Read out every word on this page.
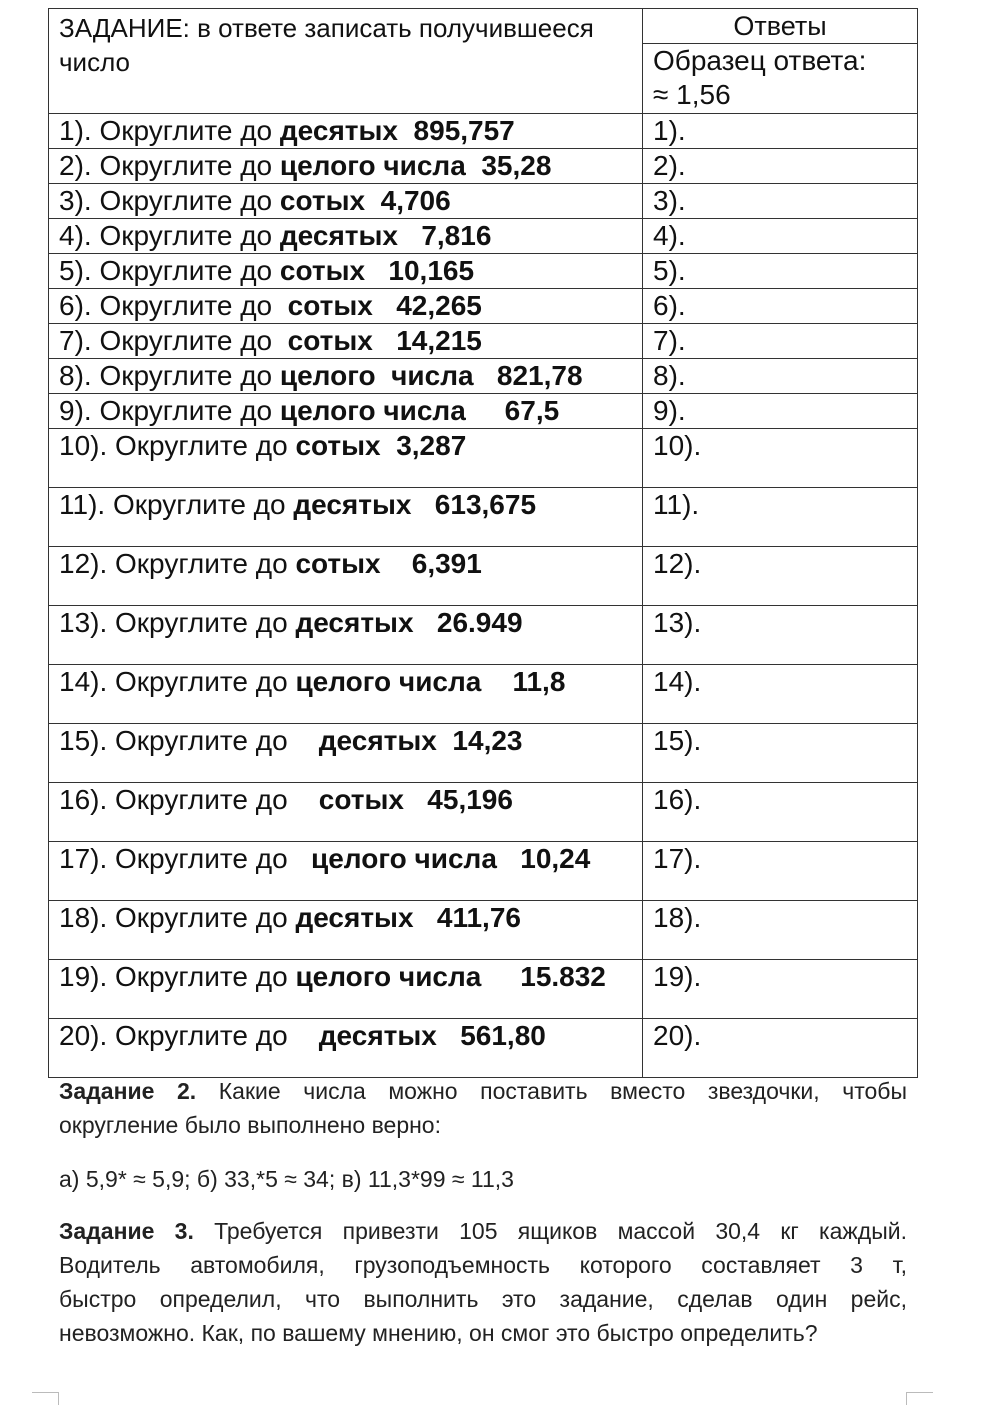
ЗАДАНИЕ: в ответе записать получившееся число	Ответы

	Образец ответа:
≈ 1,56

1). Округлите до десятых  895,757	1).
2). Округлите до целого числа  35,28	2).
3). Округлите до сотых  4,706	3).
4). Округлите до десятых   7,816	4).
5). Округлите до сотых   10,165	5).
6). Округлите до  сотых   42,265	6).
7). Округлите до  сотых   14,215	7).
8). Округлите до целого  числа   821,78	8).
9). Округлите до целого числа     67,5	9).
10). Округлите до сотых  3,287	10).
11). Округлите до десятых   613,675	11).
12). Округлите до сотых    6,391	12).
13). Округлите до десятых   26.949	13).
14). Округлите до целого числа    11,8	14).
15). Округлите до    десятых  14,23	15).
16). Округлите до    сотых   45,196	16).
17). Округлите до   целого числа   10,24	17).
18). Округлите до десятых   411,76	18).
19). Округлите до целого числа     15.832	19).
20). Округлите до    десятых   561,80	20).
Задание 2. Какие числа можно поставить вместо звездочки, чтобы
округление было выполнено верно:
а) 5,9* ≈ 5,9; б) 33,*5 ≈ 34; в) 11,3*99 ≈ 11,3
Задание 3. Требуется привезти 105 ящиков массой 30,4 кг каждый.
Водитель автомобиля, грузоподъемность которого составляет 3 т,
быстро определил, что выполнить это задание, сделав один рейс,
невозможно. Как, по вашему мнению, он смог это быстро определить?
